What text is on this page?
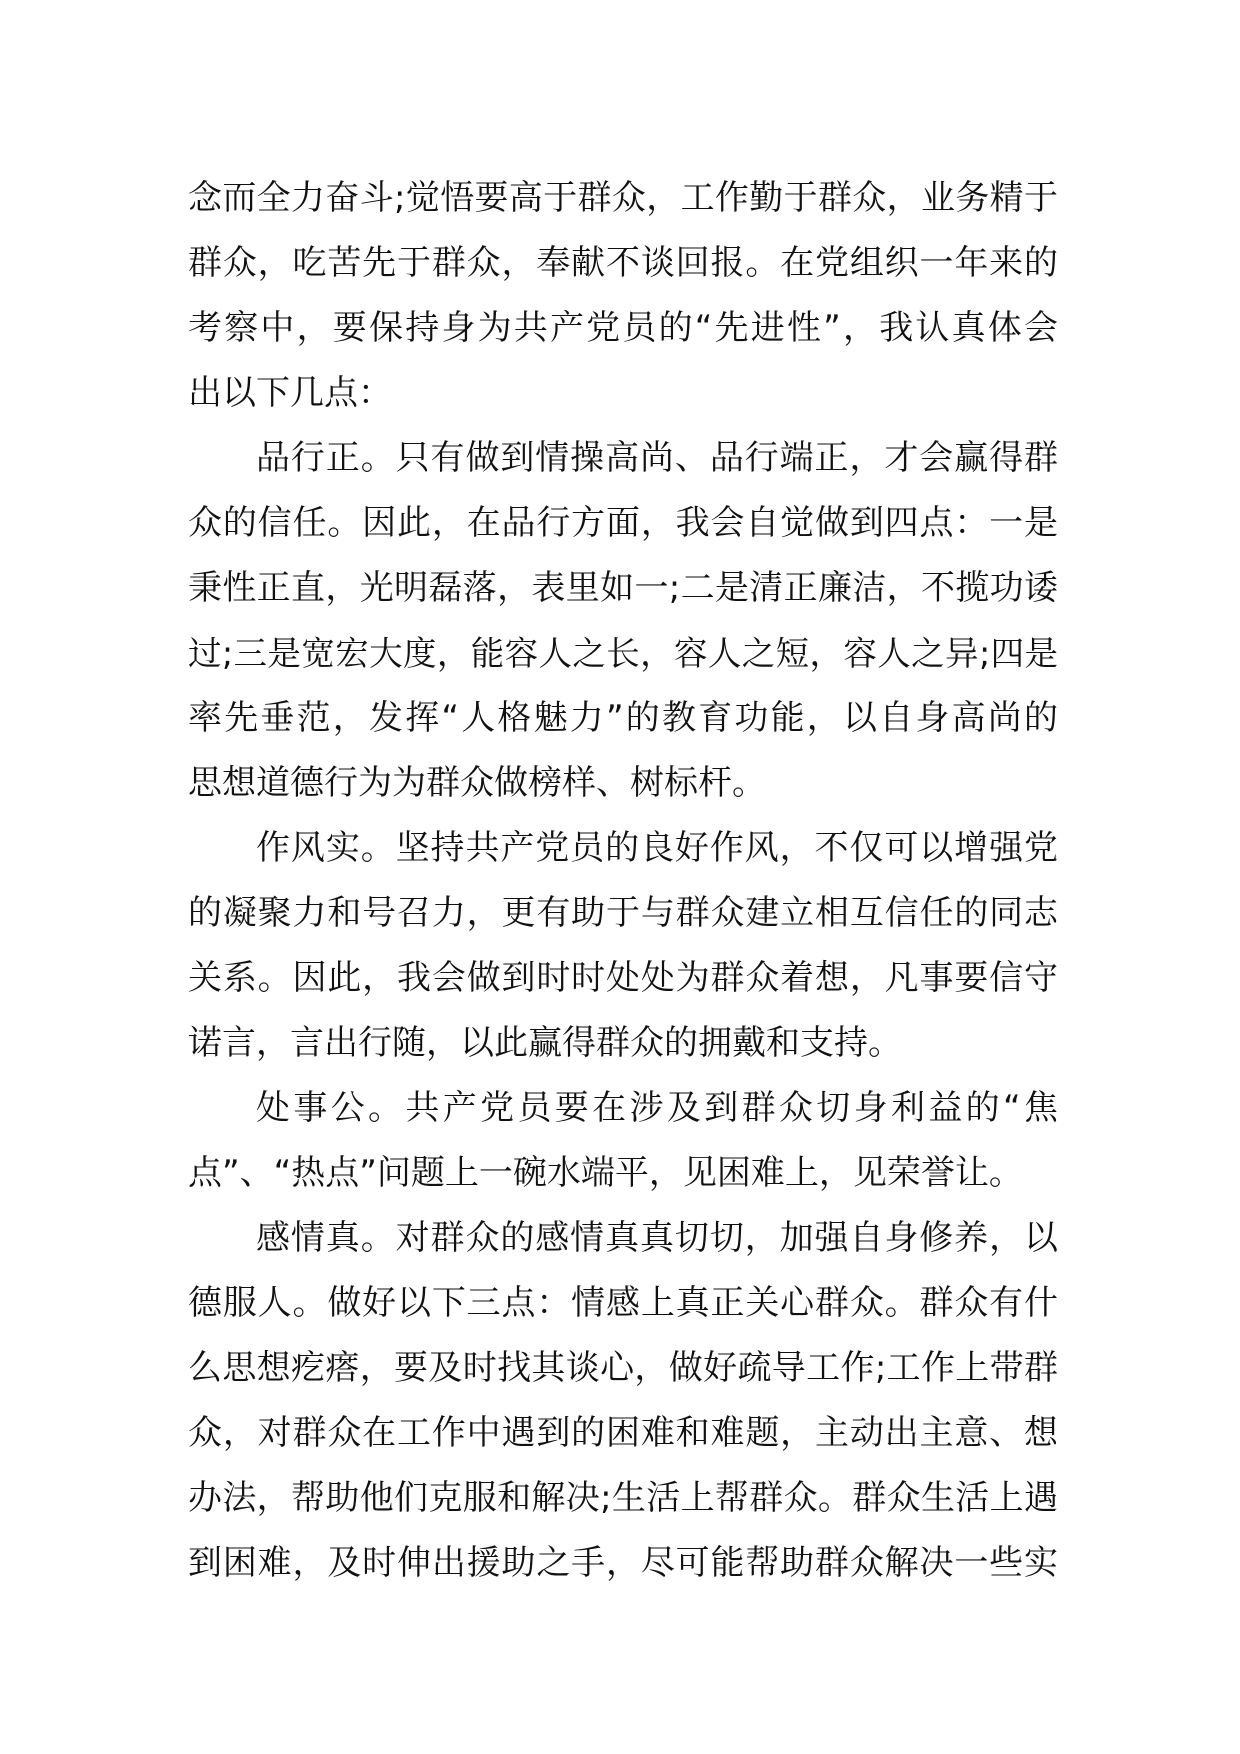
念而全力奋斗;觉悟要高于群众，工作勤于群众，业务精于
群众，吃苦先于群众，奉献不谈回报。在党组织一年来的
考察中，要保持身为共产党员的“先进性”，我认真体会
出以下几点：
品行正。只有做到情操高尚、品行端正，才会赢得群
众的信任。因此，在品行方面，我会自觉做到四点：一是
秉性正直，光明磊落，表里如一;二是清正廉洁，不揽功诿
过;三是宽宏大度，能容人之长，容人之短，容人之异;四是
率先垂范，发挥“人格魅力”的教育功能，以自身高尚的
思想道德行为为群众做榜样、树标杆。
作风实。坚持共产党员的良好作风，不仅可以增强党
的凝聚力和号召力，更有助于与群众建立相互信任的同志
关系。因此，我会做到时时处处为群众着想，凡事要信守
诺言，言出行随，以此赢得群众的拥戴和支持。
处事公。共产党员要在涉及到群众切身利益的“焦
点”、“热点”问题上一碗水端平，见困难上，见荣誉让。
感情真。对群众的感情真真切切，加强自身修养，以
德服人。做好以下三点：情感上真正关心群众。群众有什
么思想疙瘩，要及时找其谈心，做好疏导工作;工作上带群
众，对群众在工作中遇到的困难和难题，主动出主意、想
办法，帮助他们克服和解决;生活上帮群众。群众生活上遇
到困难，及时伸出援助之手，尽可能帮助群众解决一些实
